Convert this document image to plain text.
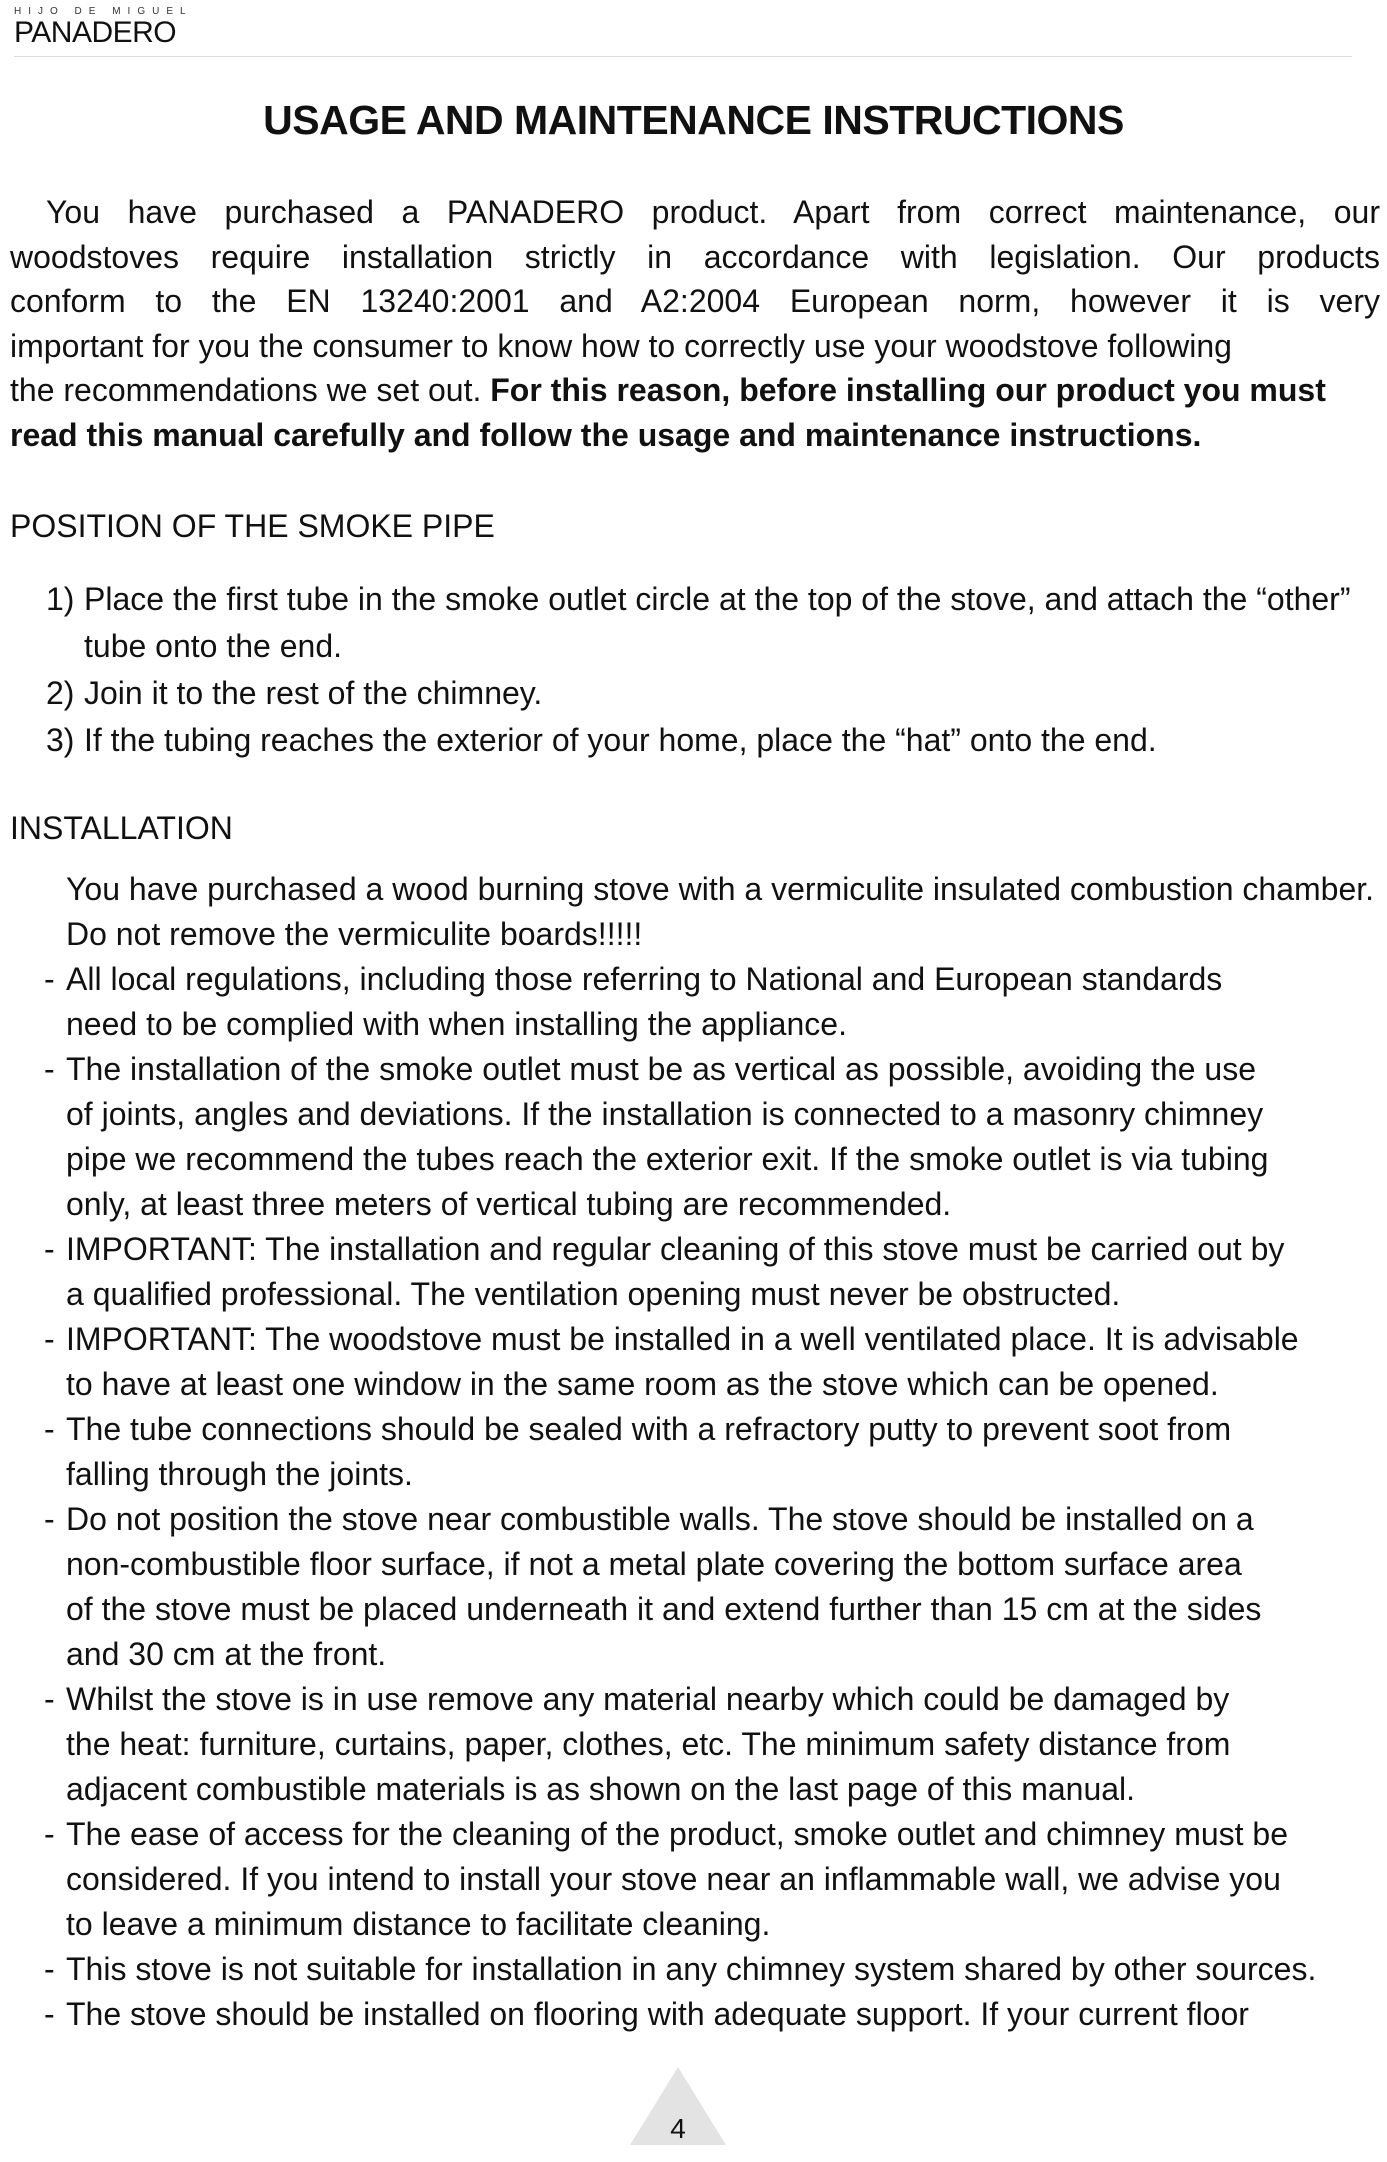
HIJO DE MIGUEL
PANADERO
USAGE AND MAINTENANCE INSTRUCTIONS
You have purchased a PANADERO product. Apart from correct maintenance, our
woodstoves require installation strictly in accordance with legislation. Our products
conform to the EN 13240:2001 and A2:2004 European norm, however it is very
important for you the consumer to know how to correctly use your woodstove following
the recommendations we set out. For this reason, before installing our product you must
read this manual carefully and follow the usage and maintenance instructions.
POSITION OF THE SMOKE PIPE
1) Place the first tube in the smoke outlet circle at the top of the stove, and attach the “other” tube onto the end.
2) Join it to the rest of the chimney.
3) If the tubing reaches the exterior of your home, place the “hat” onto the end.
INSTALLATION
You have purchased a wood burning stove with a vermiculite insulated combustion chamber.
Do not remove the vermiculite boards!!!!!
- All local regulations, including those referring to National and European standards
need to be complied with when installing the appliance.
- The installation of the smoke outlet must be as vertical as possible, avoiding the use
of joints, angles and deviations. If the installation is connected to a masonry chimney
pipe we recommend the tubes reach the exterior exit. If the smoke outlet is via tubing
only, at least three meters of vertical tubing are recommended.
- IMPORTANT: The installation and regular cleaning of this stove must be carried out by
a qualified professional. The ventilation opening must never be obstructed.
- IMPORTANT: The woodstove must be installed in a well ventilated place. It is advisable
to have at least one window in the same room as the stove which can be opened.
- The tube connections should be sealed with a refractory putty to prevent soot from
falling through the joints.
- Do not position the stove near combustible walls. The stove should be installed on a
non-combustible floor surface, if not a metal plate covering the bottom surface area
of the stove must be placed underneath it and extend further than 15 cm at the sides
and 30 cm at the front.
- Whilst the stove is in use remove any material nearby which could be damaged by
the heat: furniture, curtains, paper, clothes, etc. The minimum safety distance from
adjacent combustible materials is as shown on the last page of this manual.
- The ease of access for the cleaning of the product, smoke outlet and chimney must be
considered. If you intend to install your stove near an inflammable wall, we advise you
to leave a minimum distance to facilitate cleaning.
- This stove is not suitable for installation in any chimney system shared by other sources.
- The stove should be installed on flooring with adequate support. If your current floor
4
